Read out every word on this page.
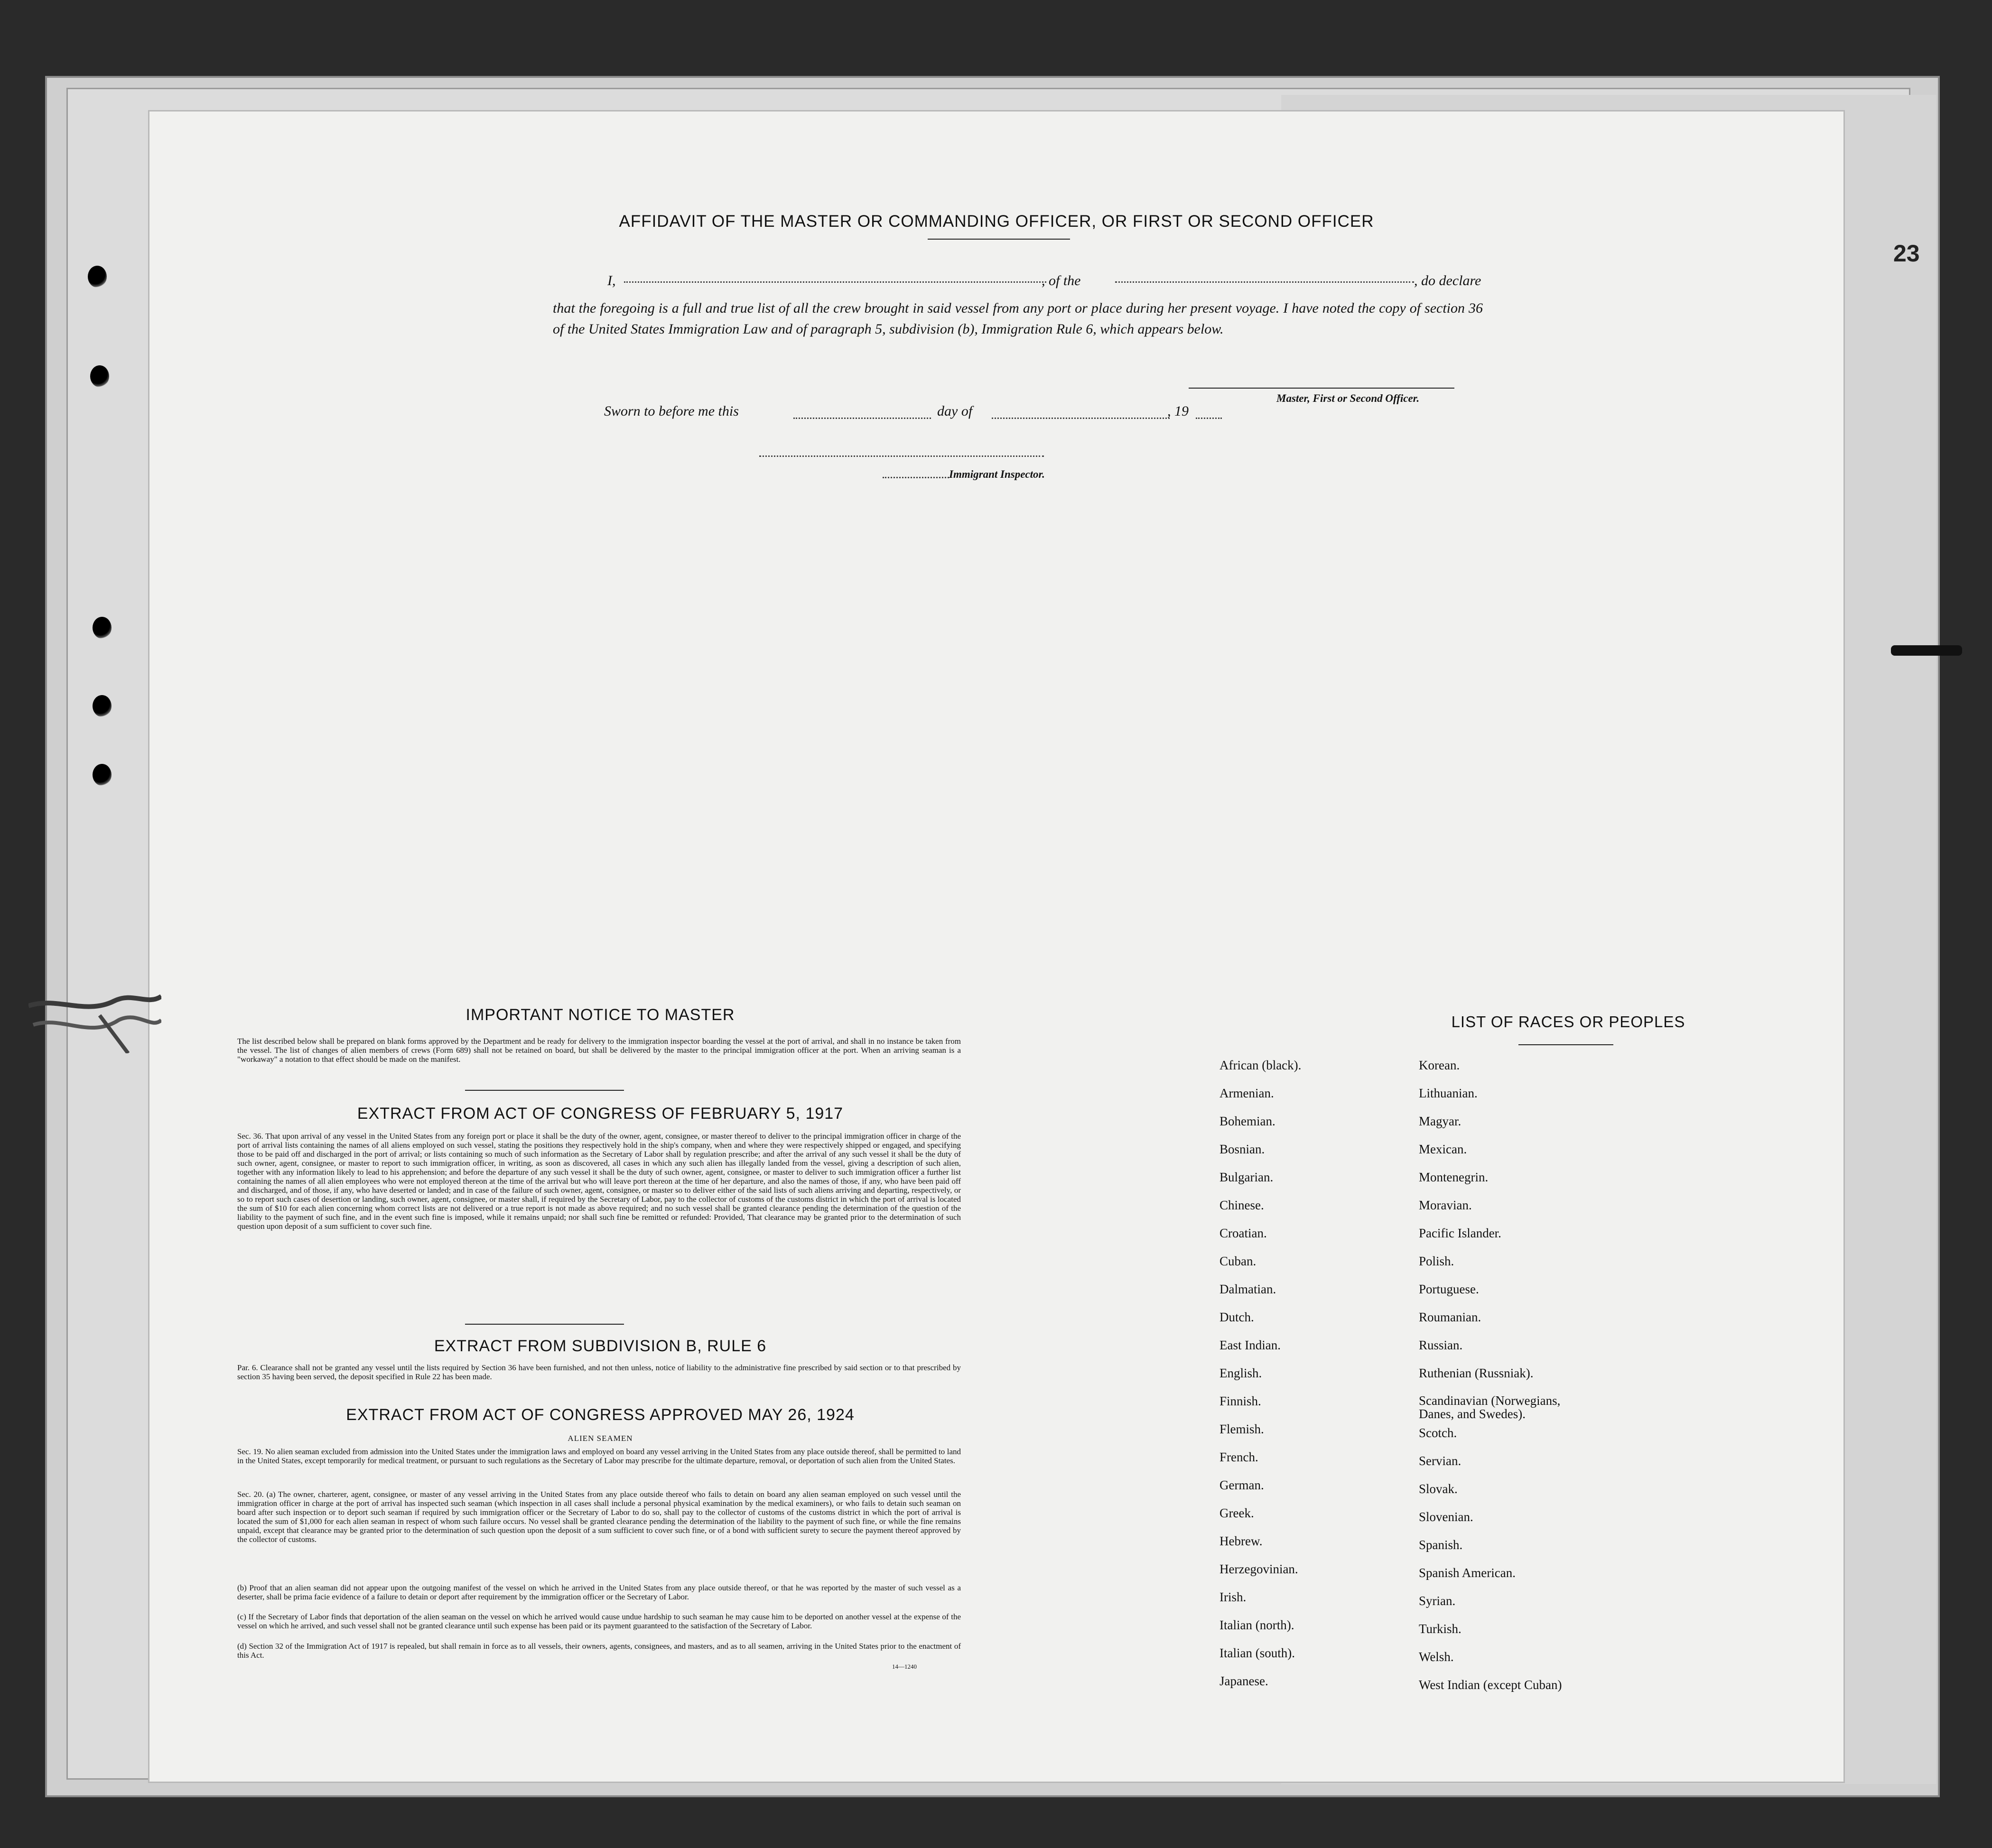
23
AFFIDAVIT OF THE MASTER OR COMMANDING OFFICER, OR FIRST OR SECOND OFFICER
I,	, of the	, do declare
that the foregoing is a full and true list of all the crew brought in said vessel from any port or place during her present voyage. I have noted the copy of section 36 of the United States Immigration Law and of paragraph 5, subdivision (b), Immigration Rule 6, which appears below.
Master, First or Second Officer.
Sworn to before me this	day of	, 19
Immigrant Inspector.
IMPORTANT NOTICE TO MASTER
The list described below shall be prepared on blank forms approved by the Department and be ready for delivery to the immigration inspector boarding the vessel at the port of arrival, and shall in no instance be taken from the vessel. The list of changes of alien members of crews (Form 689) shall not be retained on board, but shall be delivered by the master to the principal immigration officer at the port. When an arriving seaman is a "workaway" a notation to that effect should be made on the manifest.
EXTRACT FROM ACT OF CONGRESS OF FEBRUARY 5, 1917
Sec. 36. That upon arrival of any vessel in the United States from any foreign port or place it shall be the duty of the owner, agent, consignee, or master thereof to deliver to the principal immigration officer in charge of the port of arrival lists containing the names of all aliens employed on such vessel, stating the positions they respectively hold in the ship's company, when and where they were respectively shipped or engaged, and specifying those to be paid off and discharged in the port of arrival; or lists containing so much of such information as the Secretary of Labor shall by regulation prescribe; and after the arrival of any such vessel it shall be the duty of such owner, agent, consignee, or master to report to such immigration officer, in writing, as soon as discovered, all cases in which any such alien has illegally landed from the vessel, giving a description of such alien, together with any information likely to lead to his apprehension; and before the departure of any such vessel it shall be the duty of such owner, agent, consignee, or master to deliver to such immigration officer a further list containing the names of all alien employees who were not employed thereon at the time of the arrival but who will leave port thereon at the time of her departure, and also the names of those, if any, who have been paid off and discharged, and of those, if any, who have deserted or landed; and in case of the failure of such owner, agent, consignee, or master so to deliver either of the said lists of such aliens arriving and departing, respectively, or so to report such cases of desertion or landing, such owner, agent, consignee, or master shall, if required by the Secretary of Labor, pay to the collector of customs of the customs district in which the port of arrival is located the sum of $10 for each alien concerning whom correct lists are not delivered or a true report is not made as above required; and no such vessel shall be granted clearance pending the determination of the question of the liability to the payment of such fine, and in the event such fine is imposed, while it remains unpaid; nor shall such fine be remitted or refunded: Provided, That clearance may be granted prior to the determination of such question upon deposit of a sum sufficient to cover such fine.
EXTRACT FROM SUBDIVISION B, RULE 6
Par. 6. Clearance shall not be granted any vessel until the lists required by Section 36 have been furnished, and not then unless, notice of liability to the administrative fine prescribed by said section or to that prescribed by section 35 having been served, the deposit specified in Rule 22 has been made.
EXTRACT FROM ACT OF CONGRESS APPROVED MAY 26, 1924
ALIEN SEAMEN
Sec. 19. No alien seaman excluded from admission into the United States under the immigration laws and employed on board any vessel arriving in the United States from any place outside thereof, shall be permitted to land in the United States, except temporarily for medical treatment, or pursuant to such regulations as the Secretary of Labor may prescribe for the ultimate departure, removal, or deportation of such alien from the United States.
Sec. 20. (a) The owner, charterer, agent, consignee, or master of any vessel arriving in the United States from any place outside thereof who fails to detain on board any alien seaman employed on such vessel until the immigration officer in charge at the port of arrival has inspected such seaman (which inspection in all cases shall include a personal physical examination by the medical examiners), or who fails to detain such seaman on board after such inspection or to deport such seaman if required by such immigration officer or the Secretary of Labor to do so, shall pay to the collector of customs of the customs district in which the port of arrival is located the sum of $1,000 for each alien seaman in respect of whom such failure occurs. No vessel shall be granted clearance pending the determination of the liability to the payment of such fine, or while the fine remains unpaid, except that clearance may be granted prior to the determination of such question upon the deposit of a sum sufficient to cover such fine, or of a bond with sufficient surety to secure the payment thereof approved by the collector of customs.
(b) Proof that an alien seaman did not appear upon the outgoing manifest of the vessel on which he arrived in the United States from any place outside thereof, or that he was reported by the master of such vessel as a deserter, shall be prima facie evidence of a failure to detain or deport after requirement by the immigration officer or the Secretary of Labor.
(c) If the Secretary of Labor finds that deportation of the alien seaman on the vessel on which he arrived would cause undue hardship to such seaman he may cause him to be deported on another vessel at the expense of the vessel on which he arrived, and such vessel shall not be granted clearance until such expense has been paid or its payment guaranteed to the satisfaction of the Secretary of Labor.
(d) Section 32 of the Immigration Act of 1917 is repealed, but shall remain in force as to all vessels, their owners, agents, consignees, and masters, and as to all seamen, arriving in the United States prior to the enactment of this Act.
14—1240
LIST OF RACES OR PEOPLES
African (black).
Armenian.
Bohemian.
Bosnian.
Bulgarian.
Chinese.
Croatian.
Cuban.
Dalmatian.
Dutch.
East Indian.
English.
Finnish.
Flemish.
French.
German.
Greek.
Hebrew.
Herzegovinian.
Irish.
Italian (north).
Italian (south).
Japanese.
Korean.
Lithuanian.
Magyar.
Mexican.
Montenegrin.
Moravian.
Pacific Islander.
Polish.
Portuguese.
Roumanian.
Russian.
Ruthenian (Russniak).
Scandinavian (Norwegians, Danes, and Swedes).
Scotch.
Servian.
Slovak.
Slovenian.
Spanish.
Spanish American.
Syrian.
Turkish.
Welsh.
West Indian (except Cuban)
